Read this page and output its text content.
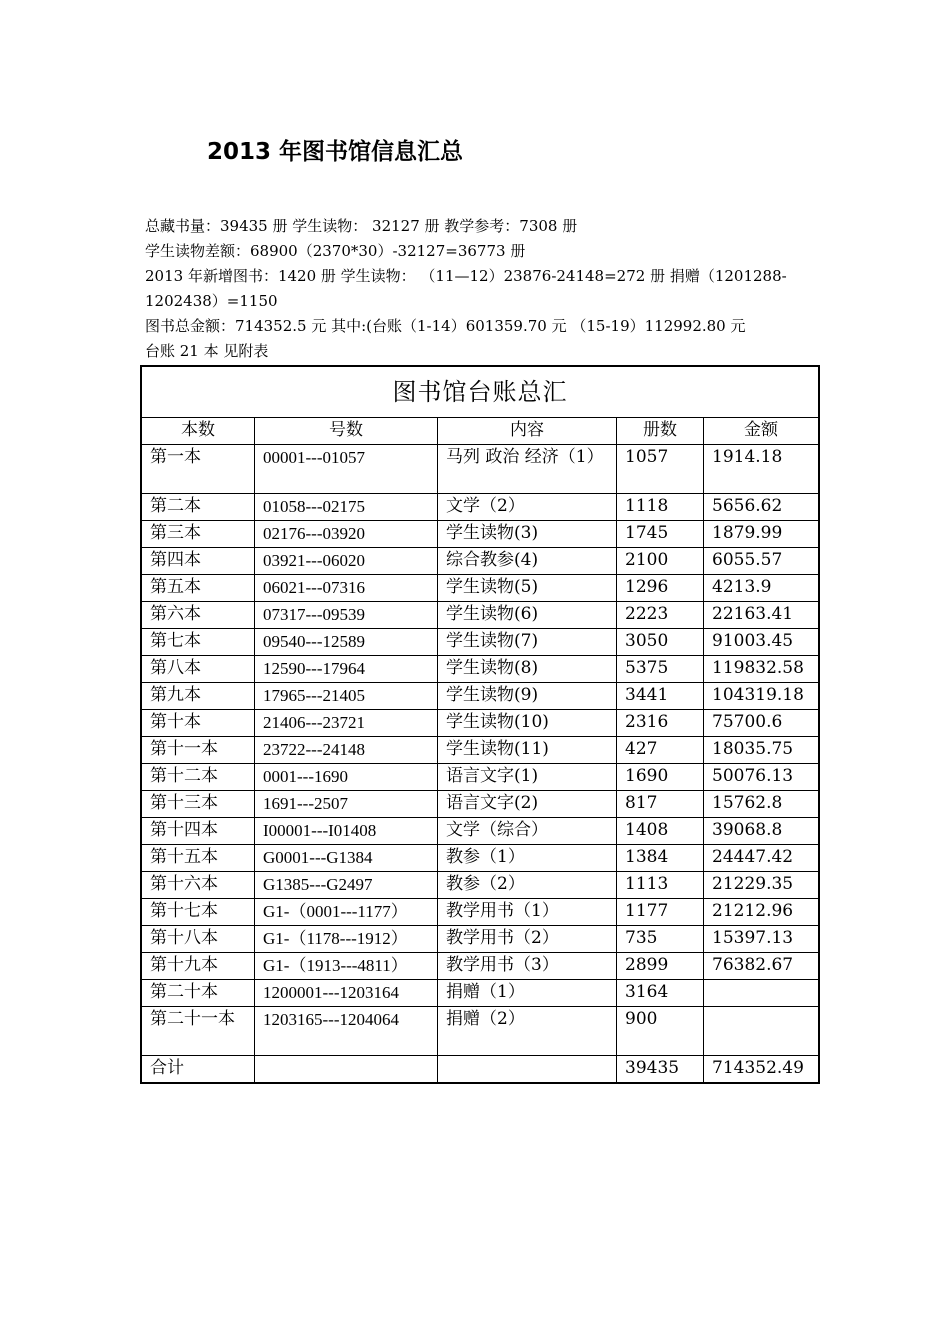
2013 年图书馆信息汇总

总藏书量：39435 册 学生读物： 32127 册 教学参考：7308 册

学生读物差额：68900（2370*30）-32127=36773 册

2013 年新增图书：1420 册 学生读物： （11—12）23876-24148=272 册 捐赠（1201288-1202438）=1150

图书总金额：714352.5 元 其中:(台账（1-14）601359.70 元 （15-19）112992.80 元

台账 21 本 见附表

图书馆台账总汇				
本数	号数	内容	册数	金额
第一本	00001---01057	马列 政治 经济（1）	1057	1914.18
第二本	01058---02175	文学（2）	1118	5656.62
第三本	02176---03920	学生读物(3)	1745	1879.99
第四本	03921---06020	综合教参(4)	2100	6055.57
第五本	06021---07316	学生读物(5)	1296	4213.9
第六本	07317---09539	学生读物(6)	2223	22163.41
第七本	09540---12589	学生读物(7)	3050	91003.45
第八本	12590---17964	学生读物(8)	5375	119832.58
第九本	17965---21405	学生读物(9)	3441	104319.18
第十本	21406---23721	学生读物(10)	2316	75700.6
第十一本	23722---24148	学生读物(11)	427	18035.75
第十二本	0001---1690	语言文字(1)	1690	50076.13
第十三本	1691---2507	语言文字(2)	817	15762.8
第十四本	I00001---I01408	文学（综合）	1408	39068.8
第十五本	G0001---G1384	教参（1）	1384	24447.42
第十六本	G1385---G2497	教参（2）	1113	21229.35
第十七本	G1-（0001---1177）	教学用书（1）	1177	21212.96
第十八本	G1-（1178---1912）	教学用书（2）	735	15397.13
第十九本	G1-（1913---4811）	教学用书（3）	2899	76382.67
第二十本	1200001---1203164	捐赠（1）	3164	
第二十一本	1203165---1204064	捐赠（2）	900	
合计			39435	714352.49
